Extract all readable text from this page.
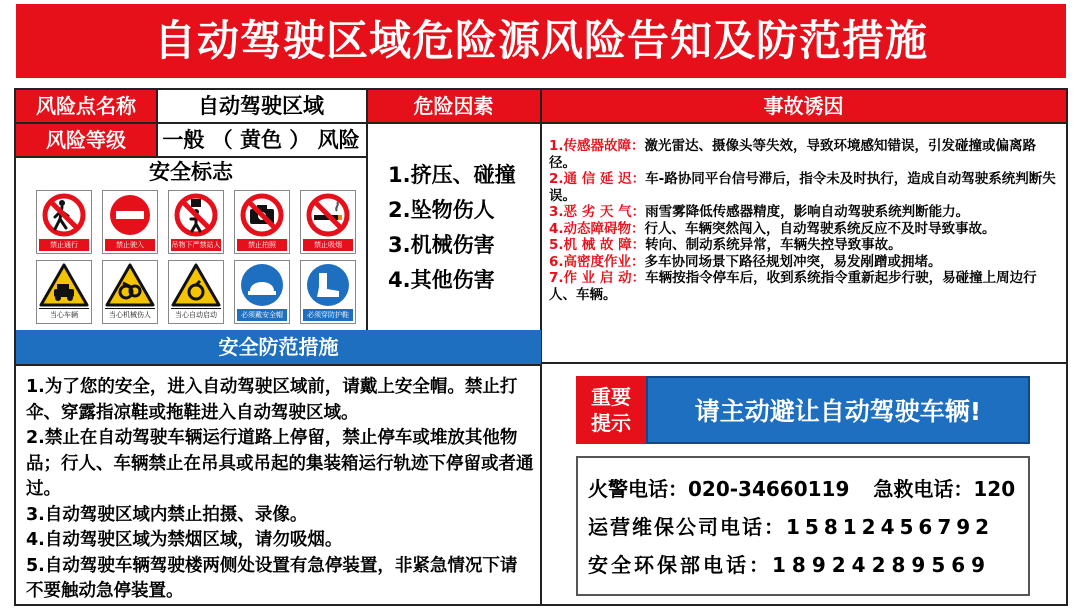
自动驾驶区域危险源风险告知及防范措施
风险点名称	自动驾驶区域	危险因素	事故诱因
风险等级	一般 （ 黄色 ） 风险
安全标志
禁止通行	禁止驶入	吊物下严禁站人	禁止拍照	禁止吸烟
当心车辆	当心机械伤人	当心自动启动	必须戴安全帽	必须穿防护鞋
1.挤压、碰撞
2.坠物伤人
3.机械伤害
4.其他伤害
1.传感器故障：激光雷达、摄像头等失效，导致环境感知错误，引发碰撞或偏离路径。
2.通 信 延 迟：车-路协同平台信号滞后，指令未及时执行，造成自动驾驶系统判断失误。
3.恶 劣 天 气：雨雪雾降低传感器精度，影响自动驾驶系统判断能力。
4.动态障碍物：行人、车辆突然闯入，自动驾驶系统反应不及时导致事故。
5.机 械 故 障：转向、制动系统异常，车辆失控导致事故。
6.高密度作业：多车协同场景下路径规划冲突，易发剐蹭或拥堵。
7.作 业 启 动：车辆按指令停车后，收到系统指令重新起步行驶，易碰撞上周边行人、车辆。
安全防范措施
1.为了您的安全，进入自动驾驶区域前，请戴上安全帽。禁止打伞、穿露指凉鞋或拖鞋进入自动驾驶区域。
2.禁止在自动驾驶车辆运行道路上停留，禁止停车或堆放其他物品；行人、车辆禁止在吊具或吊起的集装箱运行轨迹下停留或者通过。
3.自动驾驶区域内禁止拍摄、录像。
4.自动驾驶区域为禁烟区域，请勿吸烟。
5.自动驾驶车辆驾驶楼两侧处设置有急停装置，非紧急情况下请不要触动急停装置。
重要
提示	请主动避让自动驾驶车辆!
火警电话：020-34660119 急救电话：120
运营维保公司电话：15812456792
安全环保部电话：18924289569
